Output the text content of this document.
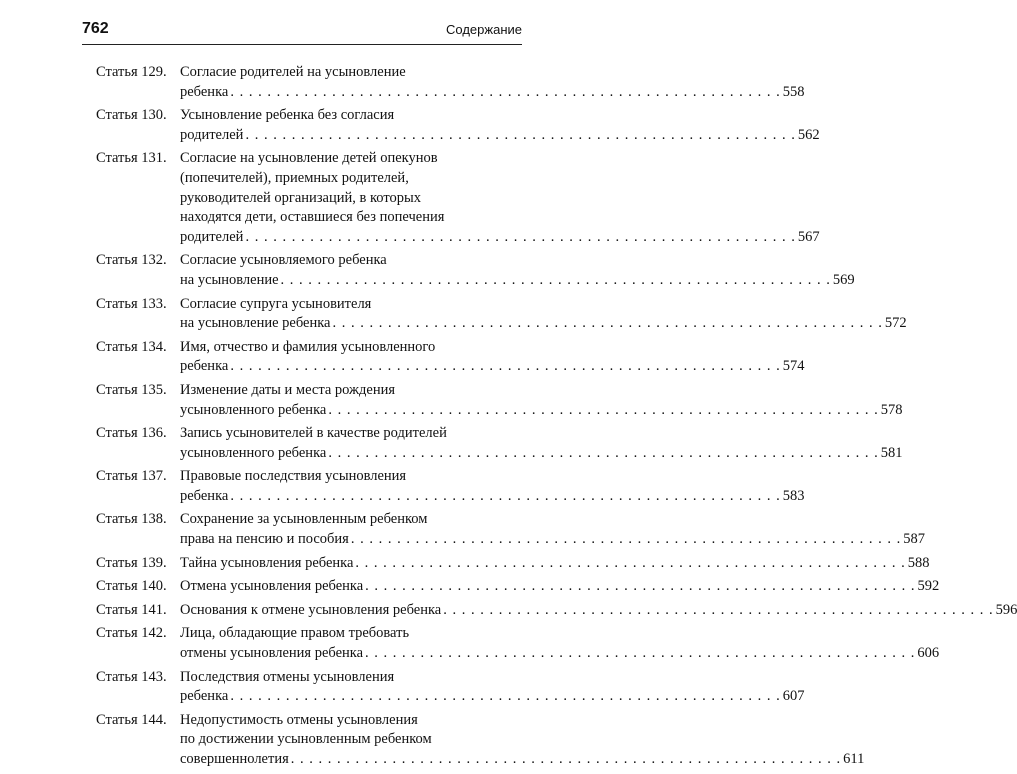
762	Содержание
Статья 129. Согласие родителей на усыновление
ребенка . . .	558
Статья 130. Усыновление ребенка без согласия
родителей . . .	562
Статья 131. Согласие на усыновление детей опекунов
(попечителей), приемных родителей,
руководителей организаций, в которых
находятся дети, оставшиеся без попечения
родителей . . .	567
Статья 132. Согласие усыновляемого ребенка
на усыновление . . .	569
Статья 133. Согласие супруга усыновителя
на усыновление ребенка . . .	572
Статья 134. Имя, отчество и фамилия усыновленного
ребенка . . .	574
Статья 135. Изменение даты и места рождения
усыновленного ребенка . . .	578
Статья 136. Запись усыновителей в качестве родителей
усыновленного ребенка . . .	581
Статья 137. Правовые последствия усыновления
ребенка . . .	583
Статья 138. Сохранение за усыновленным ребенком
права на пенсию и пособия . . .	587
Статья 139. Тайна усыновления ребенка . . .	588
Статья 140. Отмена усыновления ребенка . . .	592
Статья 141. Основания к отмене усыновления ребенка . . .	596
Статья 142. Лица, обладающие правом требовать
отмены усыновления ребенка . . .	606
Статья 143. Последствия отмены усыновления
ребенка . . .	607
Статья 144. Недопустимость отмены усыновления
по достижении усыновленным ребенком
совершеннолетия . . .	611
